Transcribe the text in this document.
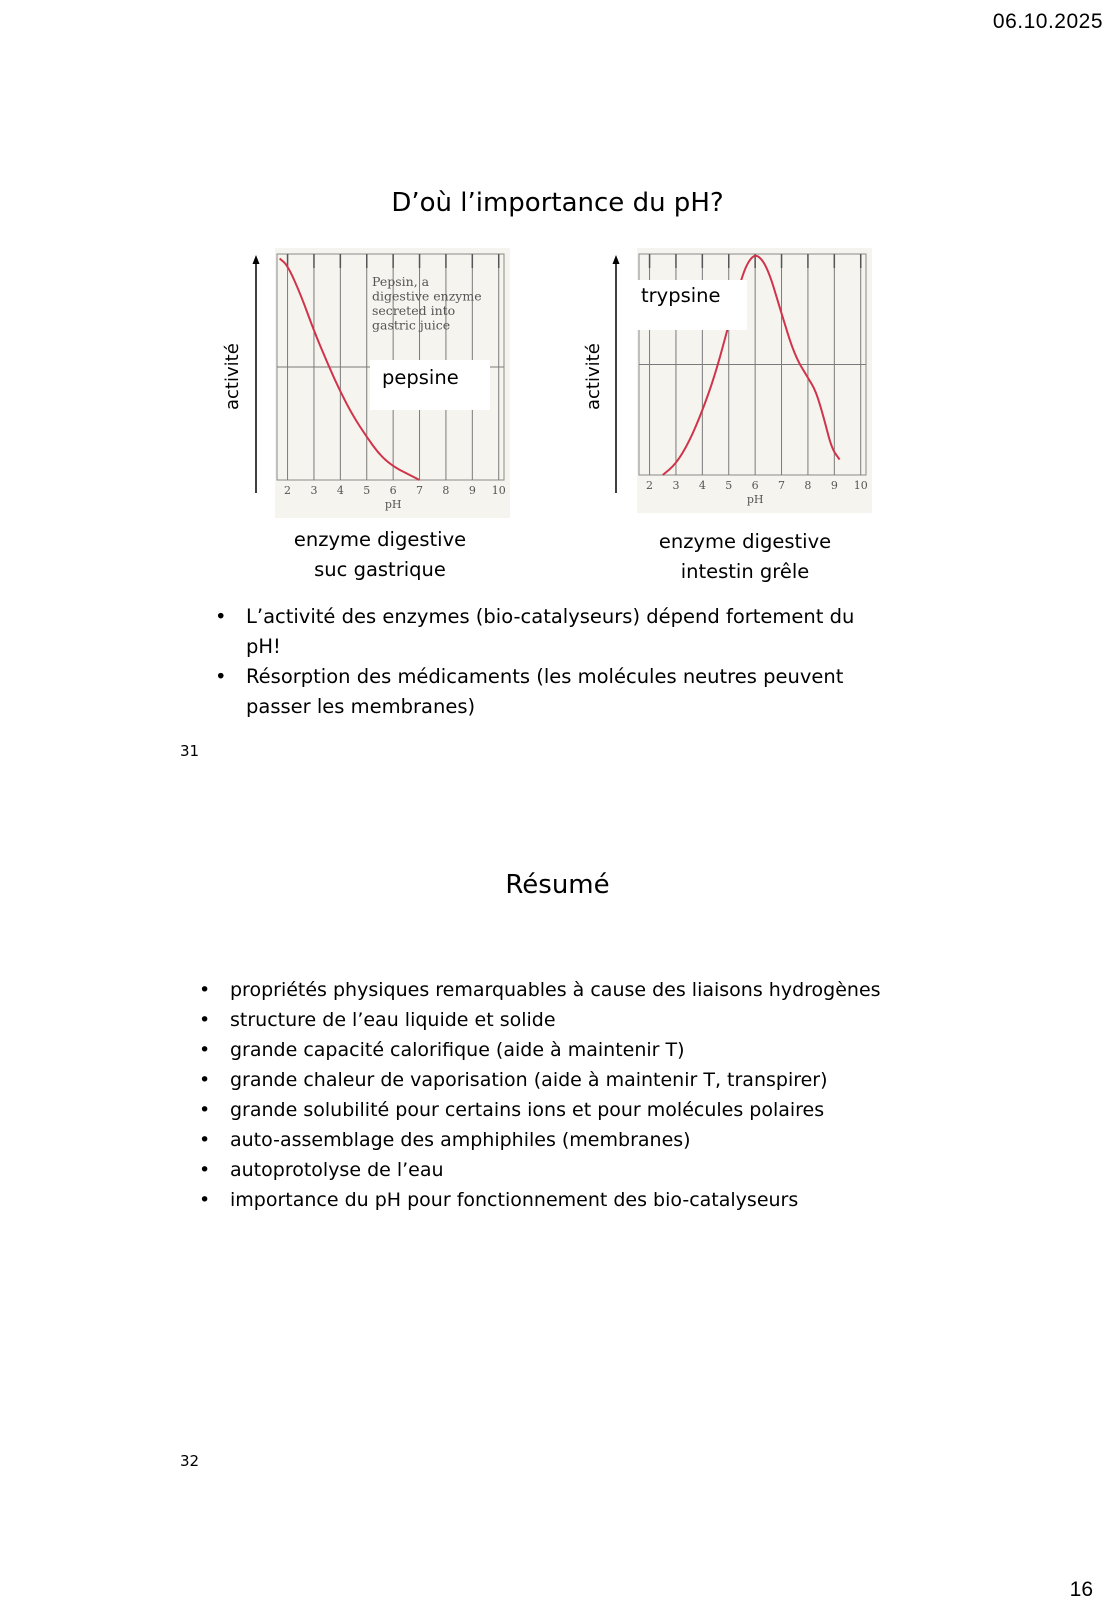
06.10.2025
16
D’où l’importance du pH?
activité	activité
2 3 4 5 6 7 8 9 10
pH
Pepsin, a
digestive enzyme
secreted into
gastric juice
2 3 4 5 6 7 8 9 10
pH
pepsine
trypsine
enzyme digestive
suc gastrique
enzyme digestive
intestin grêle
• L’activité des enzymes (bio-catalyseurs) dépend fortement du pH!
• Résorption des médicaments (les molécules neutres peuvent passer les membranes)
31
Résumé
• propriétés physiques remarquables à cause des liaisons hydrogènes
• structure de l’eau liquide et solide
• grande capacité calorifique (aide à maintenir T)
• grande chaleur de vaporisation (aide à maintenir T, transpirer)
• grande solubilité pour certains ions et pour molécules polaires
• auto-assemblage des amphiphiles (membranes)
• autoprotolyse de l’eau
• importance du pH pour fonctionnement des bio-catalyseurs
32
